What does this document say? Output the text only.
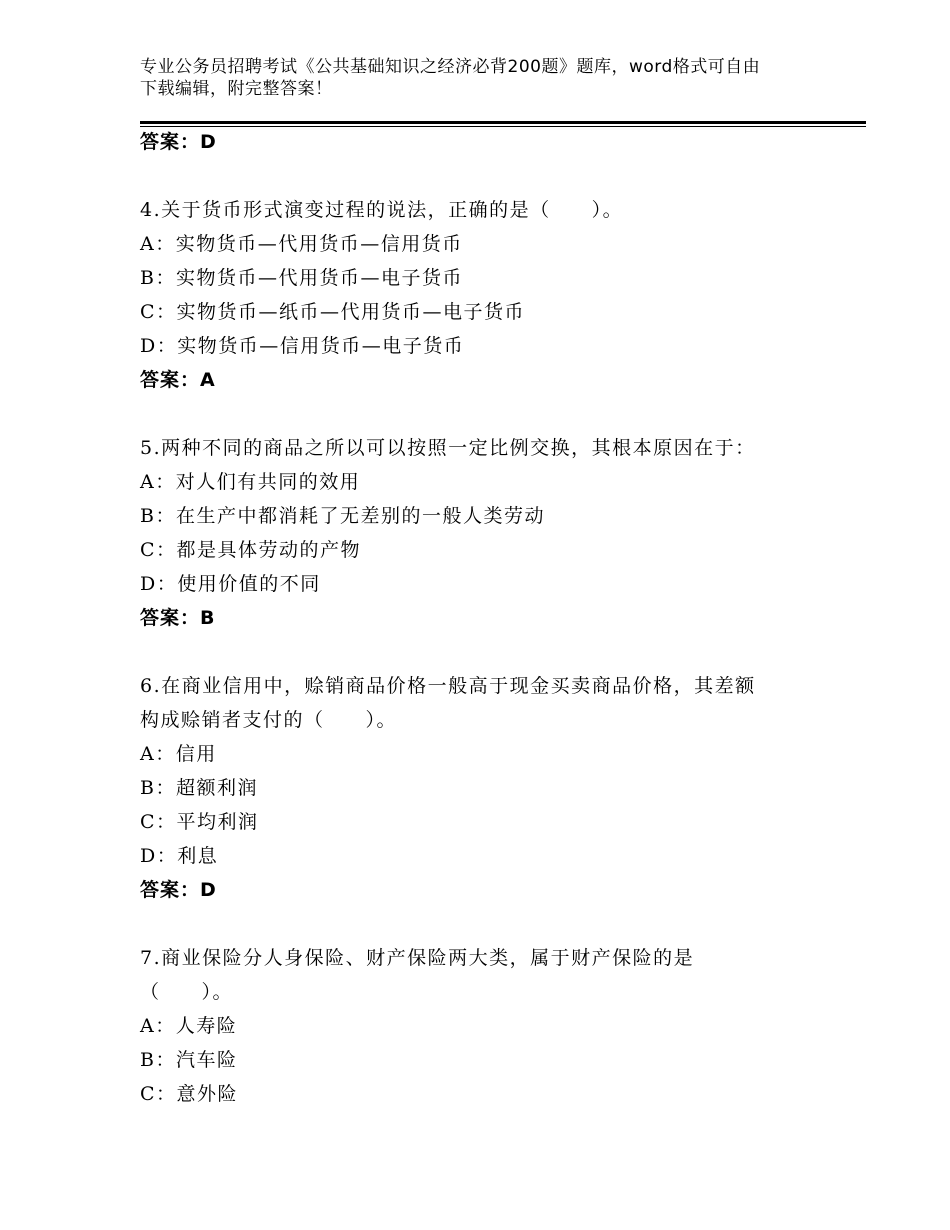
专业公务员招聘考试《公共基础知识之经济必背200题》题库，word格式可自由
下载编辑，附完整答案！
答案：D
4.关于货币形式演变过程的说法，正确的是（　　）。
A：实物货币—代用货币—信用货币
B：实物货币—代用货币—电子货币
C：实物货币—纸币—代用货币—电子货币
D：实物货币—信用货币—电子货币
答案：A
5.两种不同的商品之所以可以按照一定比例交换，其根本原因在于：
A：对人们有共同的效用
B：在生产中都消耗了无差别的一般人类劳动
C：都是具体劳动的产物
D：使用价值的不同
答案：B
6.在商业信用中，赊销商品价格一般高于现金买卖商品价格，其差额
构成赊销者支付的（　　）。
A：信用
B：超额利润
C：平均利润
D：利息
答案：D
7.商业保险分人身保险、财产保险两大类，属于财产保险的是
（　　）。
A：人寿险
B：汽车险
C：意外险
